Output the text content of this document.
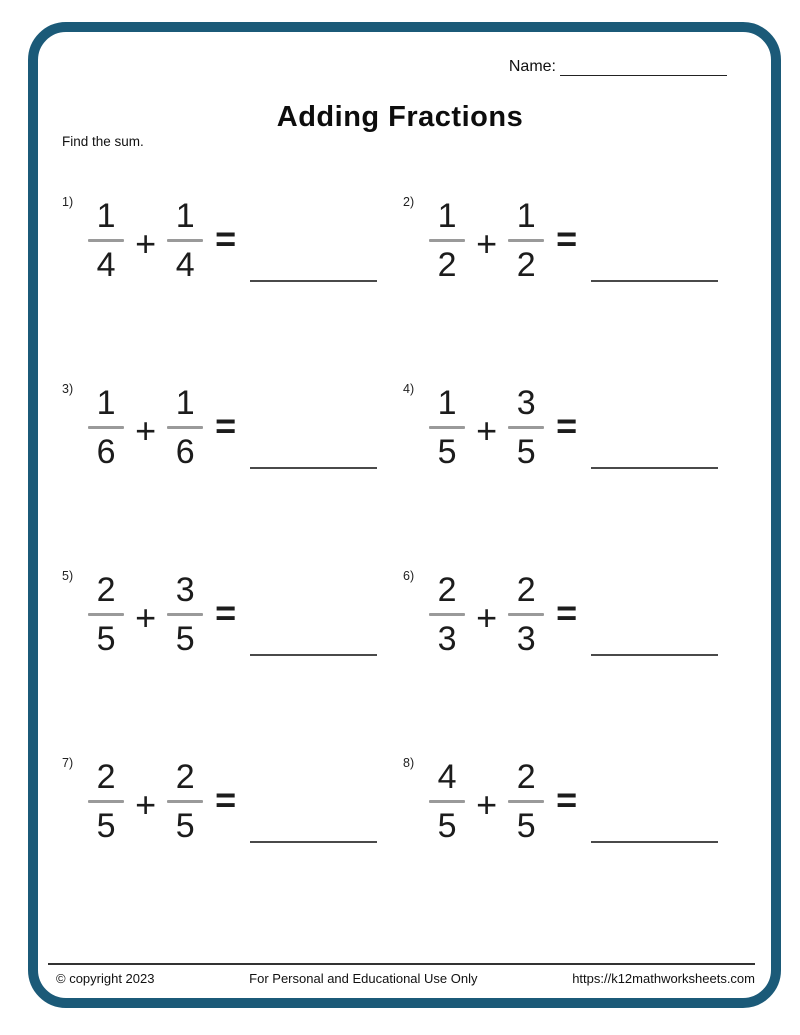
Name:
Adding Fractions
Find the sum.
$1) \frac{1}{4} + \frac{1}{4}$ =
$2) \frac{1}{2} + \frac{1}{2}$ =
$3) \frac{1}{6} + \frac{1}{6}$ =
$4) \frac{1}{5} + \frac{3}{5}$ =
$5) \frac{2}{5} + \frac{3}{5}$ =
$6) \frac{2}{3} + \frac{2}{3}$ =
$7) \frac{2}{5} + \frac{2}{5}$ =
$8) \frac{4}{5} + \frac{2}{5}$ =
© copyright 2023	For Personal and Educational Use Only	https://k12mathworksheets.com
